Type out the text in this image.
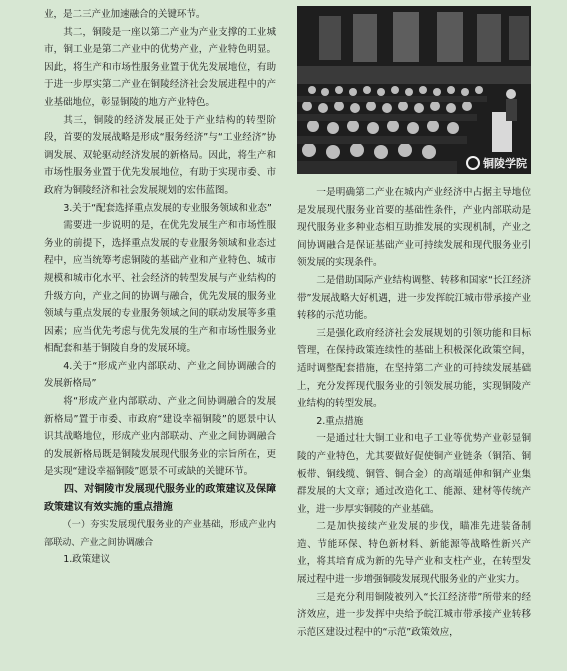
业，是二三产业加速融合的关键环节。

其二，铜陵是一座以第二产业为产业支撑的工业城市，铜工业是第二产业中的优势产业，产业特色明显。因此，将生产和市场性服务业置于优先发展地位，有助于进一步厚实第二产业在铜陵经济社会发展进程中的产业基础地位，彰显铜陵的地方产业特色。

其三，铜陵的经济发展正处于产业结构的转型阶段，首要的发展战略是形成“服务经济”与“工业经济”协调发展、双轮驱动经济发展的新格局。因此，将生产和市场性服务业置于优先发展地位，有助于实现市委、市政府为铜陵经济和社会发展规划的宏伟蓝图。

3.关于“配套选择重点发展的专业服务领域和业态”

需要进一步说明的是，在优先发展生产和市场性服务业的前提下，选择重点发展的专业服务领域和业态过程中，应当统筹考虑铜陵的基础产业和产业特色、城市规模和城市化水平、社会经济的转型发展与产业结构的升级方向，产业之间的协调与融合，优先发展的服务业领域与重点发展的专业服务领域之间的联动发展等多重因素；应当优先考虑与优先发展的生产和市场性服务业相配套和基于铜陵自身的发展环境。

4.关于“形成产业内部联动、产业之间协调融合的发展新格局”

将“形成产业内部联动、产业之间协调融合的发展新格局”置于市委、市政府“建设幸福铜陵”的愿景中认识其战略地位，形成产业内部联动、产业之间协调融合的发展新格局既是铜陵发展现代服务业的宗旨所在，更是实现“建设幸福铜陵”愿景不可或缺的关键环节。

四、对铜陵市发展现代服务业的政策建议及保障政策建议有效实施的重点措施

（一）夯实发展现代服务业的产业基础，形成产业内部联动、产业之间协调融合

1.政策建议

铜陵学院

一是明确第二产业在城内产业经济中占据主导地位是发展现代服务业首要的基础性条件，产业内部联动是现代服务业多种业态相互助推发展的实现机制，产业之间协调融合是保证基础产业可持续发展和现代服务业引领发展的实现条件。

二是借助国际产业结构调整、转移和国家“长江经济带”发展战略大好机遇，进一步发挥皖江城市带承接产业转移的示范功能。

三是强化政府经济社会发展规划的引领功能和目标管理，在保持政策连续性的基础上积极深化政策空间，适时调整配套措施，在坚持第二产业的可持续发展基础上，充分发挥现代服务业的引领发展功能，实现铜陵产业结构的转型发展。

2.重点措施

一是通过壮大铜工业和电子工业等优势产业彰显铜陵的产业特色，尤其要做好促使铜产业链条（铜箔、铜板带、铜线缆、铜管、铜合金）的高端延伸和铜产业集群发展的大文章；通过改造化工、能源、建材等传统产业，进一步厚实铜陵的产业基础。

二是加快接续产业发展的步伐，瞄准先进装备制造、节能环保、特色新材料、新能源等战略性新兴产业，将其培育成为新的先导产业和支柱产业，在转型发展过程中进一步增强铜陵发展现代服务业的产业实力。

三是充分利用铜陵被列入“长江经济带”所带来的经济效应，进一步发挥中央给予皖江城市带承接产业转移示范区建设过程中的“示范”政策效应，
